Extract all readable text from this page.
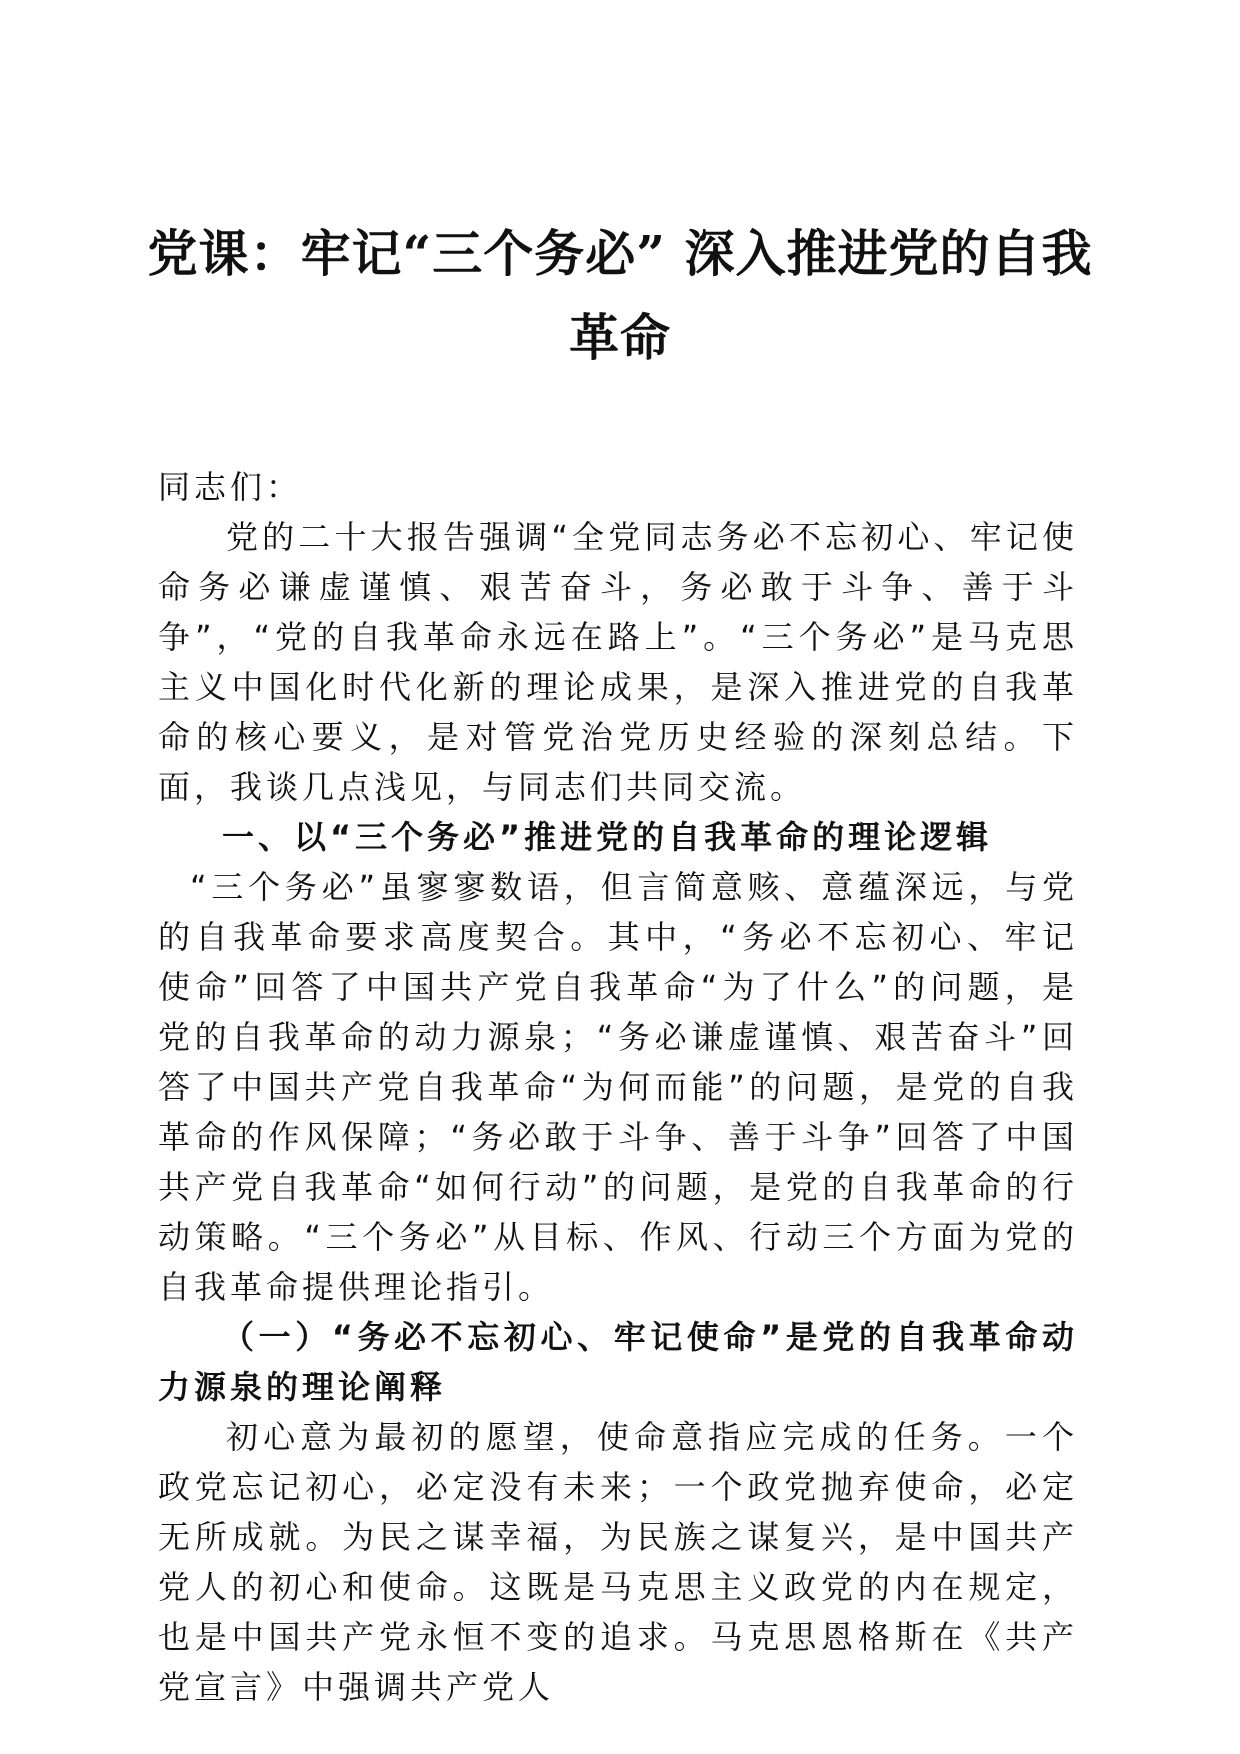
党课：牢记“三个务必” 深入推进党的自我
革命

同志们：

党的二十大报告强调“全党同志务必不忘初心、牢记使命务必谦虚谨慎、艰苦奋斗，务必敢于斗争、善于斗争”，“党的自我革命永远在路上”。“三个务必”是马克思主义中国化时代化新的理论成果，是深入推进党的自我革命的核心要义，是对管党治党历史经验的深刻总结。下面，我谈几点浅见，与同志们共同交流。

一、以“三个务必”推进党的自我革命的理论逻辑

“三个务必”虽寥寥数语，但言简意赅、意蕴深远，与党的自我革命要求高度契合。其中，“务必不忘初心、牢记使命”回答了中国共产党自我革命“为了什么”的问题，是党的自我革命的动力源泉；“务必谦虚谨慎、艰苦奋斗”回答了中国共产党自我革命“为何而能”的问题，是党的自我革命的作风保障；“务必敢于斗争、善于斗争”回答了中国共产党自我革命“如何行动”的问题，是党的自我革命的行动策略。“三个务必”从目标、作风、行动三个方面为党的自我革命提供理论指引。

（一）“务必不忘初心、牢记使命”是党的自我革命动力源泉的理论阐释

初心意为最初的愿望，使命意指应完成的任务。一个政党忘记初心，必定没有未来；一个政党抛弃使命，必定无所成就。为民之谋幸福，为民族之谋复兴，是中国共产党人的初心和使命。这既是马克思主义政党的内在规定，也是中国共产党永恒不变的追求。马克思恩格斯在《共产党宣言》中强调共产党人
